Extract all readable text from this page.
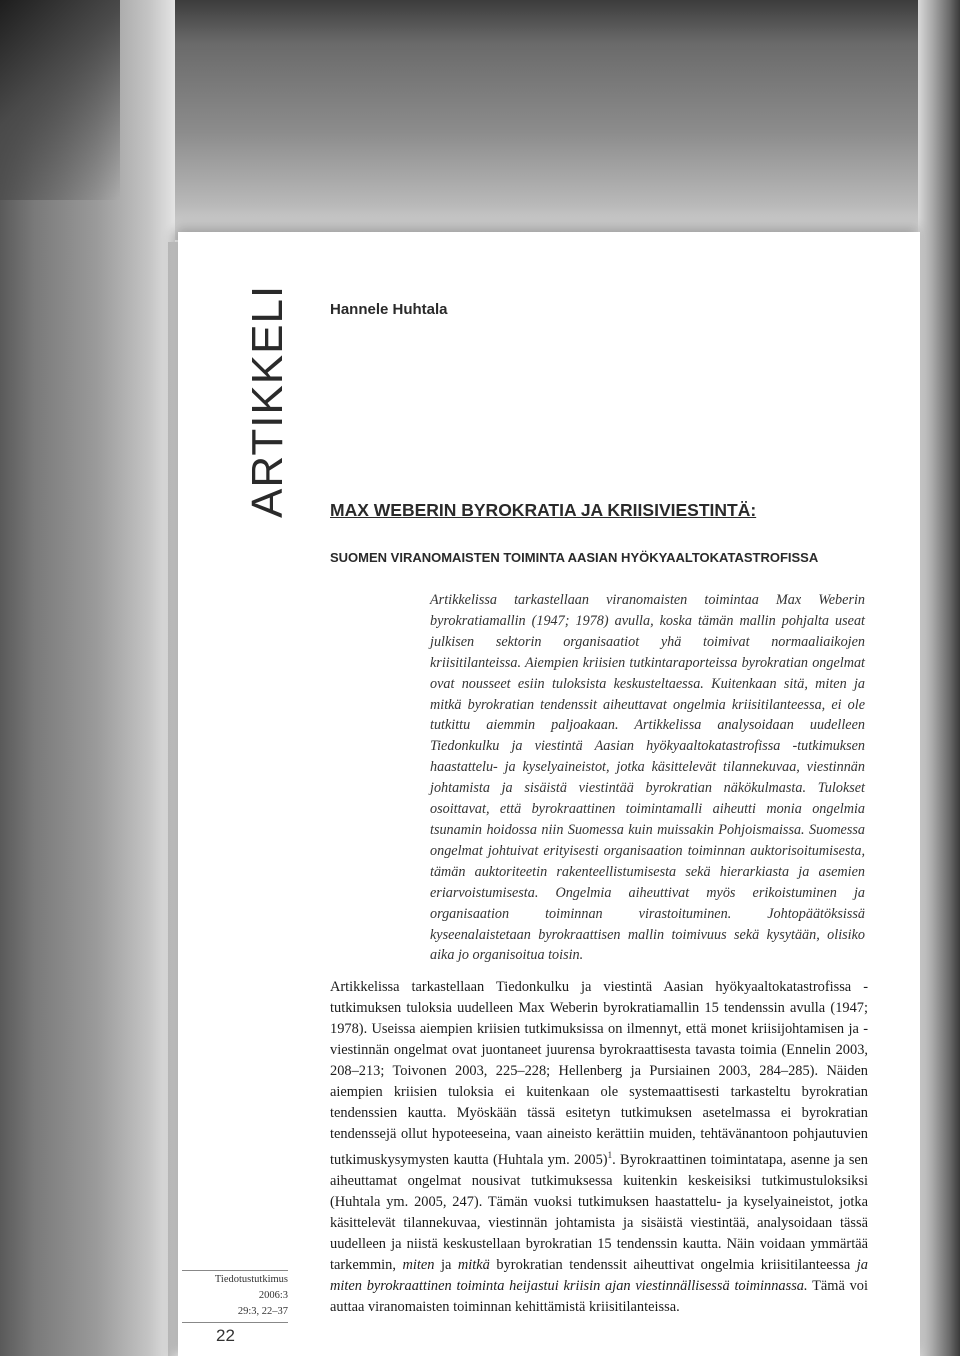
ARTIKKELI	Hannele Huhtala
MAX WEBERIN BYROKRATIA JA KRIISIVIESTINTÄ:
SUOMEN VIRANOMAISTEN TOIMINTA AASIAN HYÖKYAALTOKATASTROFISSA

Artikkelissa tarkastellaan viranomaisten toimintaa Max Weberin byrokratiamallin (1947; 1978) avulla, koska tämän mallin pohjalta useat julkisen sektorin organisaatiot yhä toimivat normaaliaikojen kriisitilanteissa. Aiempien kriisien tutkintaraporteissa byrokratian ongelmat ovat nousseet esiin tuloksista keskusteltaessa. Kuitenkaan sitä, miten ja mitkä byrokratian tendenssit aiheuttavat ongelmia kriisitilanteessa, ei ole tutkittu aiemmin paljoakaan. Artikkelissa analysoidaan uudelleen Tiedonkulku ja viestintä Aasian hyökyaaltokatastrofissa -tutkimuksen haastattelu- ja kyselyaineistot, jotka käsittelevät tilannekuvaa, viestinnän johtamista ja sisäistä viestintää byrokratian näkökulmasta. Tulokset osoittavat, että byrokraattinen toimintamalli aiheutti monia ongelmia tsunamin hoidossa niin Suomessa kuin muissakin Pohjoismaissa. Suomessa ongelmat johtuivat erityisesti organisaation toiminnan auktorisoitumisesta, tämän auktoriteetin rakenteellistumisesta sekä hierarkiasta ja asemien eriarvoistumisesta. Ongelmia aiheuttivat myös erikoistuminen ja organisaation toiminnan virastoituminen. Johtopäätöksissä kyseenalaistetaan byrokraattisen mallin toimivuus sekä kysytään, olisiko aika jo organisoitua toisin.

Artikkelissa tarkastellaan Tiedonkulku ja viestintä Aasian hyökyaaltokatastrofissa -tutkimuksen tuloksia uudelleen Max Weberin byrokratiamallin 15 tendenssin avulla (1947; 1978). Useissa aiempien kriisien tutkimuksissa on ilmennyt, että monet kriisijohtamisen ja -viestinnän ongelmat ovat juontaneet juurensa byrokraattisesta tavasta toimia (Ennelin 2003, 208–213; Toivonen 2003, 225–228; Hellenberg ja Pursiainen 2003, 284–285). Näiden aiempien kriisien tuloksia ei kuitenkaan ole systemaattisesti tarkasteltu byrokratian tendenssien kautta. Myöskään tässä esitetyn tutkimuksen asetelmassa ei byrokratian tendenssejä ollut hypoteeseina, vaan aineisto kerättiin muiden, tehtävänantoon pohjautuvien tutkimuskysymysten kautta (Huhtala ym. 2005)$^1$. Byrokraattinen toimintatapa, asenne ja sen aiheuttamat ongelmat nousivat tutkimuksessa kuitenkin keskeisiksi tutkimustuloksiksi (Huhtala ym. 2005, 247). Tämän vuoksi tutkimuksen haastattelu- ja kyselyaineistot, jotka käsittelevät tilannekuvaa, viestinnän johtamista ja sisäistä viestintää, analysoidaan tässä uudelleen ja niistä keskustellaan byrokratian 15 tendenssin kautta. Näin voidaan ymmärtää tarkemmin, miten ja mitkä byrokratian tendenssit aiheuttivat ongelmia kriisitilanteessa ja miten byrokraattinen toiminta heijastui kriisin ajan viestinnällisessä toiminnassa. Tämä voi auttaa viranomaisten toiminnan kehittämistä kriisitilanteissa.

Tiedotustutkimus
2006:3
29:3, 22–37
22
